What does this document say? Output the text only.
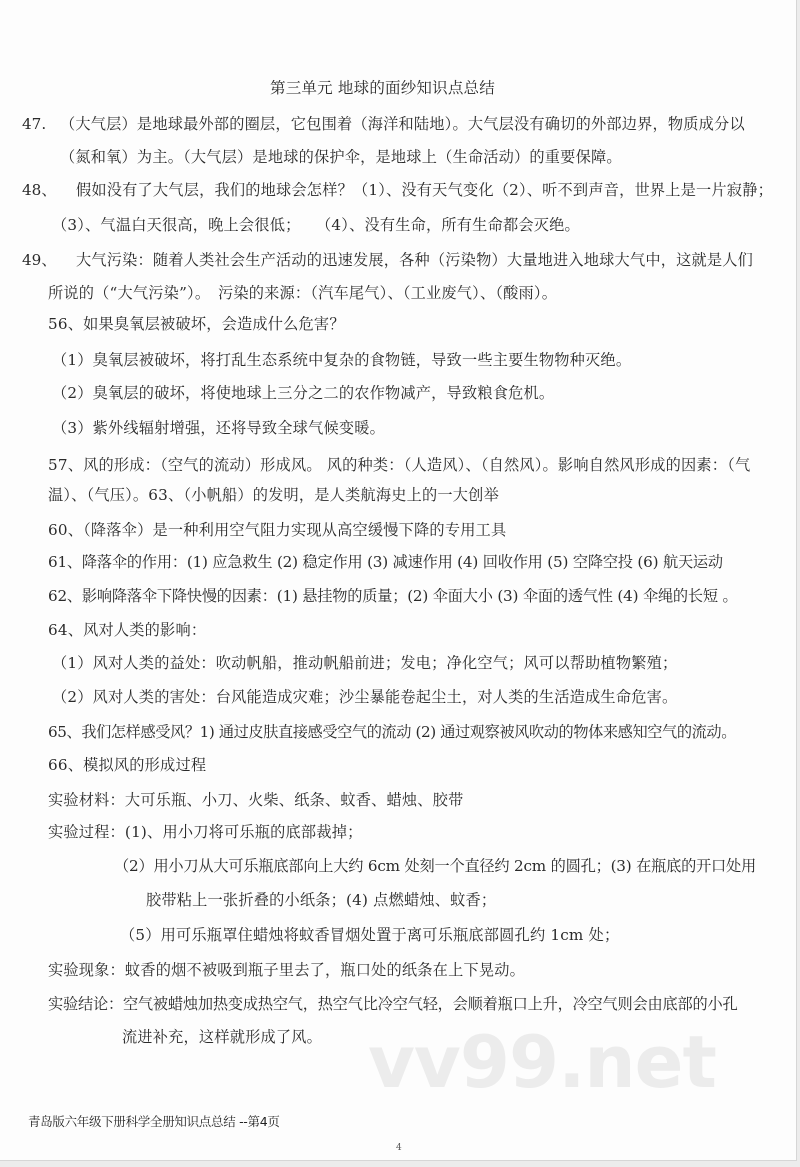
第三单元 地球的面纱知识点总结
47. （大气层）是地球最外部的圈层，它包围着（海洋和陆地）。大气层没有确切的外部边界，物质成分以
（氮和氧）为主。（大气层）是地球的保护伞，是地球上（生命活动）的重要保障。
48、 假如没有了大气层，我们的地球会怎样？（1）、没有天气变化（2）、听不到声音，世界上是一片寂静；
（3）、气温白天很高，晚上会很低；　　（4）、没有生命，所有生命都会灭绝。
49、 大气污染：随着人类社会生产活动的迅速发展，各种（污染物）大量地进入地球大气中，这就是人们
所说的（“大气污染”）。　污染的来源：（汽车尾气）、（工业废气）、（酸雨）。
56、如果臭氧层被破坏，会造成什么危害？
（1）臭氧层被破坏，将打乱生态系统中复杂的食物链，导致一些主要生物物种灭绝。
（2）臭氧层的破坏，将使地球上三分之二的农作物减产，导致粮食危机。
（3）紫外线辐射增强，还将导致全球气候变暖。
57、风的形成：（空气的流动）形成风。 风的种类：（人造风）、（自然风）。影响自然风形成的因素：（气
温）、（气压）。63、（小帆船）的发明，是人类航海史上的一大创举
60、（降落伞）是一种利用空气阻力实现从高空缓慢下降的专用工具
61、降落伞的作用：(1) 应急救生 (2) 稳定作用 (3) 减速作用 (4) 回收作用 (5) 空降空投 (6) 航天运动
62、影响降落伞下降快慢的因素：(1) 悬挂物的质量；(2) 伞面大小 (3) 伞面的透气性 (4) 伞绳的长短 。
64、风对人类的影响：
（1）风对人类的益处：吹动帆船，推动帆船前进；发电；净化空气；风可以帮助植物繁殖；
（2）风对人类的害处：台风能造成灾难；沙尘暴能卷起尘土，对人类的生活造成生命危害。
65、我们怎样感受风？1) 通过皮肤直接感受空气的流动 (2) 通过观察被风吹动的物体来感知空气的流动。
66、模拟风的形成过程
实验材料：大可乐瓶、小刀、火柴、纸条、蚊香、蜡烛、胶带
实验过程：(1)、用小刀将可乐瓶的底部裁掉；
（2）用小刀从大可乐瓶底部向上大约 6cm 处刻一个直径约 2cm 的圆孔；(3) 在瓶底的开口处用
胶带粘上一张折叠的小纸条；(4) 点燃蜡烛、蚊香；
（5）用可乐瓶罩住蜡烛将蚊香冒烟处置于离可乐瓶底部圆孔约 1cm 处；
实验现象：蚊香的烟不被吸到瓶子里去了，瓶口处的纸条在上下晃动。
实验结论：空气被蜡烛加热变成热空气，热空气比冷空气轻，会顺着瓶口上升，冷空气则会由底部的小孔
流进补充，这样就形成了风。 vv99.net
青岛版六年级下册科学全册知识点总结 --第4页
4
